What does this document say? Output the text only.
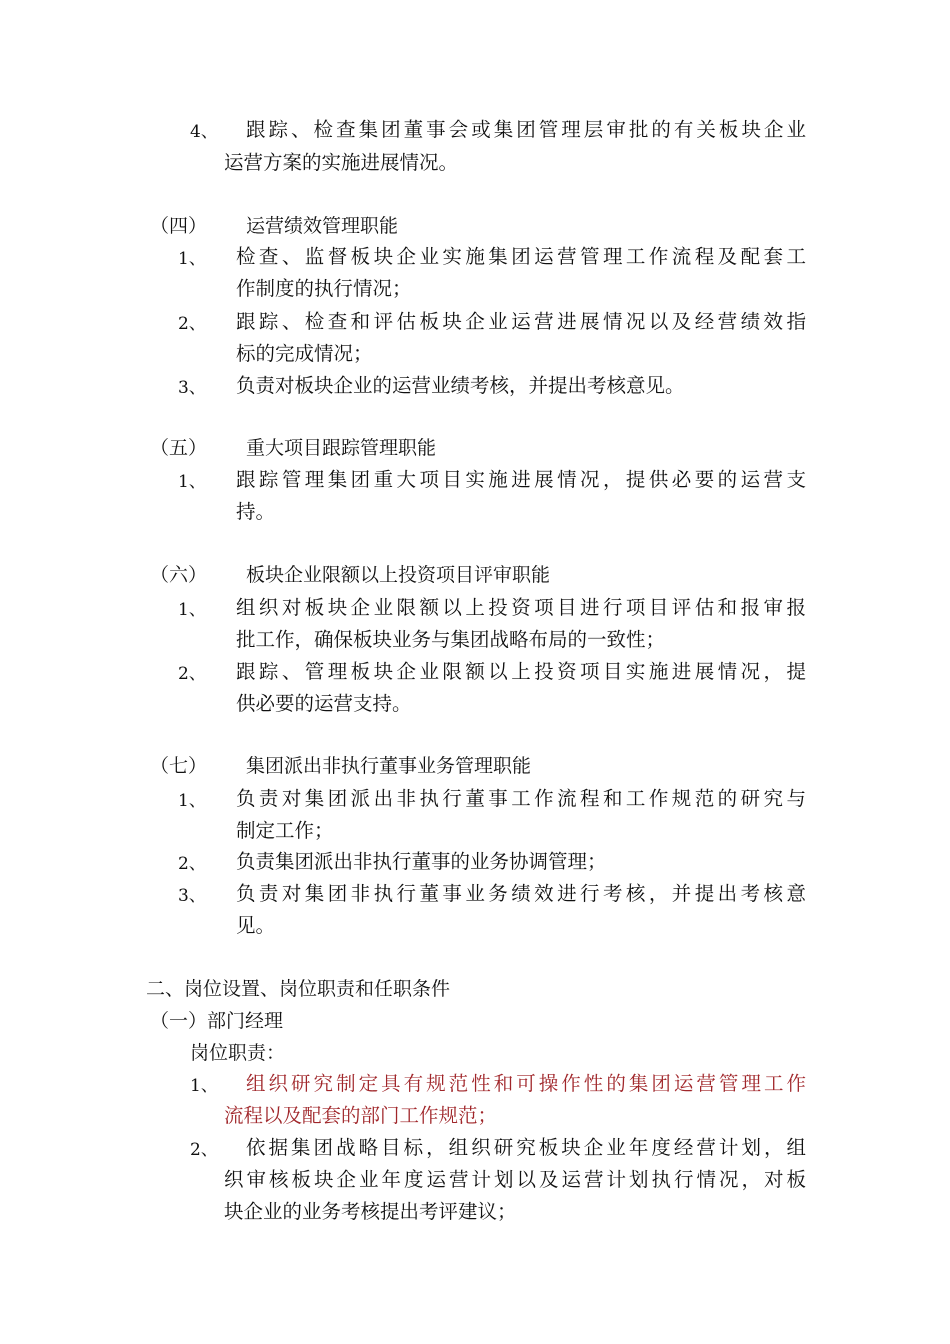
4、 跟踪、检查集团董事会或集团管理层审批的有关板块企业
运营方案的实施进展情况。
（四） 运营绩效管理职能
1、 检查、监督板块企业实施集团运营管理工作流程及配套工
作制度的执行情况；
2、 跟踪、检查和评估板块企业运营进展情况以及经营绩效指
标的完成情况；
3、 负责对板块企业的运营业绩考核，并提出考核意见。
（五） 重大项目跟踪管理职能
1、 跟踪管理集团重大项目实施进展情况，提供必要的运营支
持。
（六） 板块企业限额以上投资项目评审职能
1、 组织对板块企业限额以上投资项目进行项目评估和报审报
批工作，确保板块业务与集团战略布局的一致性；
2、 跟踪、管理板块企业限额以上投资项目实施进展情况，提
供必要的运营支持。
（七） 集团派出非执行董事业务管理职能
1、 负责对集团派出非执行董事工作流程和工作规范的研究与
制定工作；
2、 负责集团派出非执行董事的业务协调管理；
3、 负责对集团非执行董事业务绩效进行考核，并提出考核意
见。
二、岗位设置、岗位职责和任职条件
（一）部门经理
岗位职责：
1、 组织研究制定具有规范性和可操作性的集团运营管理工作
流程以及配套的部门工作规范；
2、 依据集团战略目标，组织研究板块企业年度经营计划，组
织审核板块企业年度运营计划以及运营计划执行情况，对板
块企业的业务考核提出考评建议；
